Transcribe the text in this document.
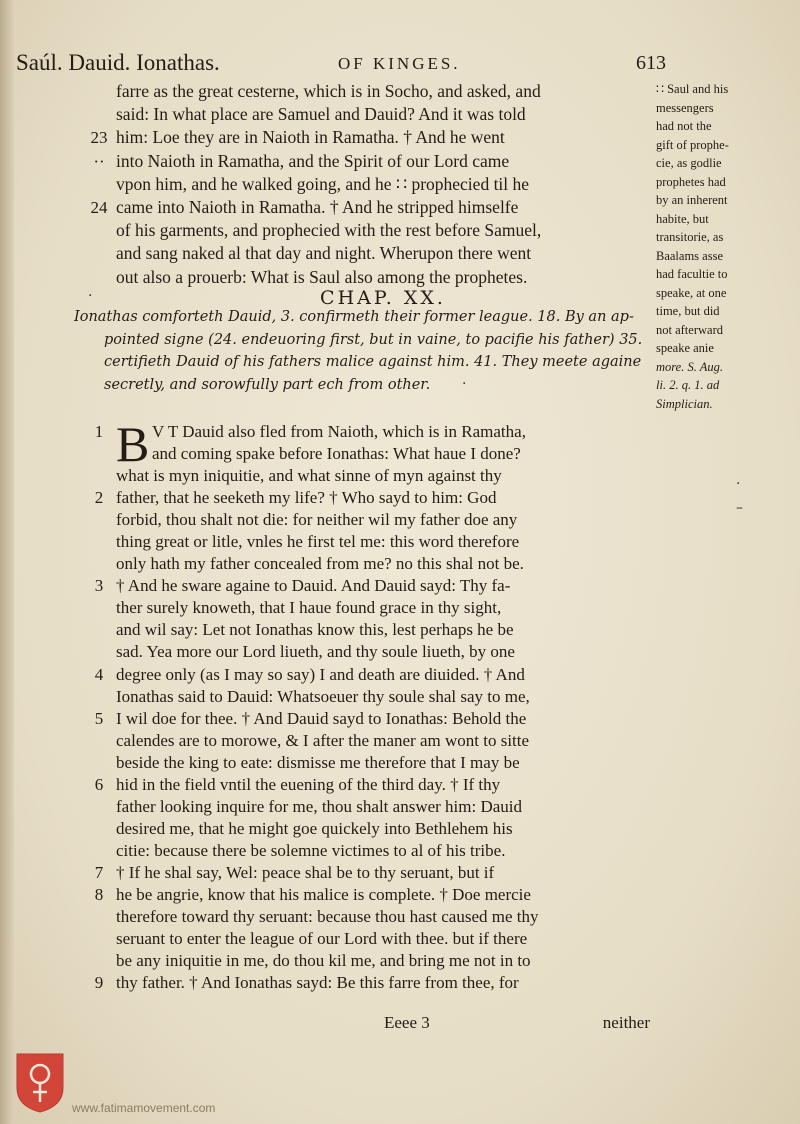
Saúl. Dauid. Ionathas.	OF KINGES.	613
farre as the great cesterne, which is in Socho, and asked, and
said: In what place are Samuel and Dauid? And it was told
23 him: Loe they are in Naioth in Ramatha. † And he went
·· into Naioth in Ramatha, and the Spirit of our Lord came
vpon him, and he walked going, and he ∷ prophecied til he
24 came into Naioth in Ramatha. † And he stripped himselfe
of his garments, and prophecied with the rest before Samuel,
and sang naked al that day and night. Wherupon there went
out also a prouerb: What is Saul also among the prophetes.
∷ Saul and his
messengers
had not the
gift of prophe-
cie, as godlie
prophetes had
by an inherent
habite, but
transitorie, as
Baalams asse
had facultie to
speake, at one
time, but did
not afterward
speake anie
more. S. Aug.
li. 2. q. 1. ad
Simplician.
CHAP. XX.
Ionathas comforteth Dauid, 3. confirmeth their former league. 18. By an ap-
pointed signe (24. endeuoring first, but in vaine, to pacifie his father) 35.
certifieth Dauid of his fathers malice against him. 41. They meete againe
secretly, and sorowfully part ech from other.
B
1	V T Dauid also fled from Naioth, which is in Ramatha,
and coming spake before Ionathas: What haue I done?
what is myn iniquitie, and what sinne of myn against thy
2 father, that he seeketh my life? † Who sayd to him: God
forbid, thou shalt not die: for neither wil my father doe any
thing great or litle, vnles he first tel me: this word therefore
only hath my father concealed from me? no this shal not be.
3 † And he sware againe to Dauid. And Dauid sayd: Thy fa-
ther surely knoweth, that I haue found grace in thy sight,
and wil say: Let not Ionathas know this, lest perhaps he be
sad. Yea more our Lord liueth, and thy soule liueth, by one
4 degree only (as I may so say) I and death are diuided. † And
Ionathas said to Dauid: Whatsoeuer thy soule shal say to me,
5 I wil doe for thee. † And Dauid sayd to Ionathas: Behold the
calendes are to morowe, & I after the maner am wont to sitte
beside the king to eate: dismisse me therefore that I may be
6 hid in the field vntil the euening of the third day. † If thy
father looking inquire for me, thou shalt answer him: Dauid
desired me, that he might goe quickely into Bethlehem his
citie: because there be solemne victimes to al of his tribe.
7 † If he shal say, Wel: peace shal be to thy seruant, but if
8 he be angrie, know that his malice is complete. † Doe mercie
therefore toward thy seruant: because thou hast caused me thy
seruant to enter the league of our Lord with thee. but if there
be any iniquitie in me, do thou kil me, and bring me not in to
9 thy father. † And Ionathas sayd: Be this farre from thee, for
Eeee 3	neither
www.fatimamovement.com
·
·
·
–
